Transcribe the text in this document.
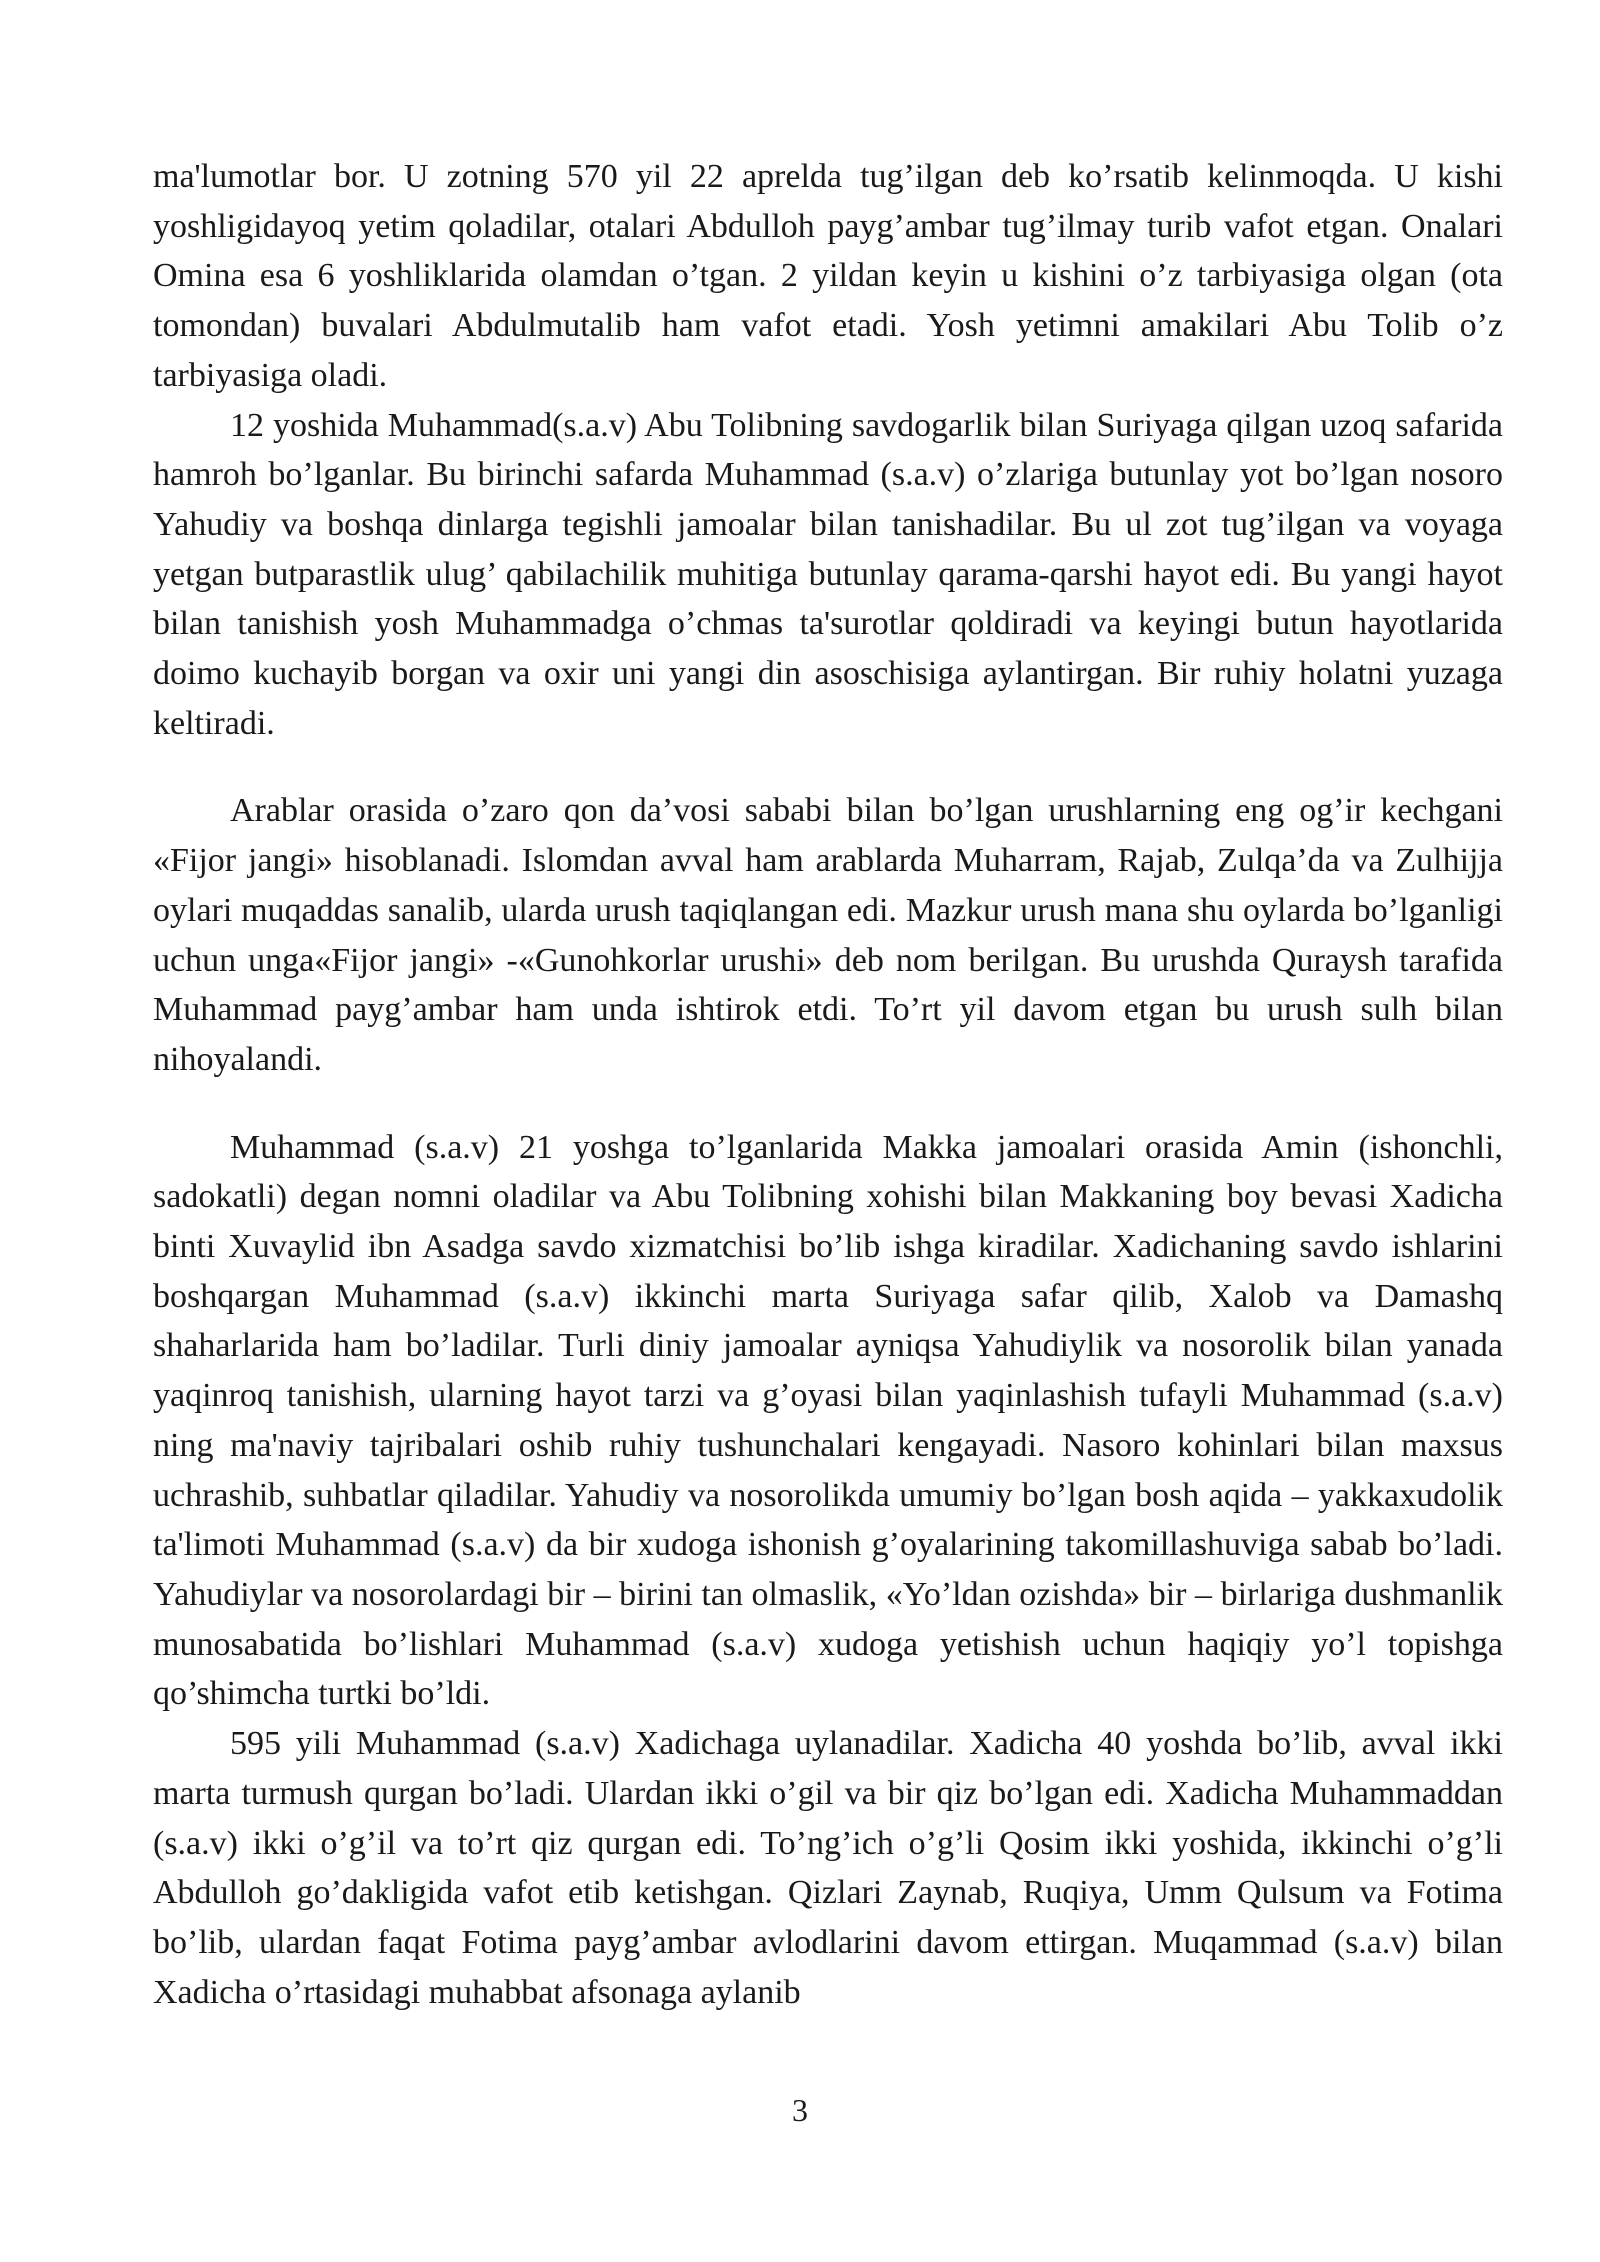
ma'lumotlar bor. U zotning 570 yil 22 aprelda tug’ilgan deb ko’rsatib kelinmoqda. U kishi yoshligidayoq yetim qoladilar, otalari Abdulloh payg’ambar tug’ilmay turib vafot etgan. Onalari Omina esa 6 yoshliklarida olamdan o’tgan. 2 yildan keyin u kishini o’z tarbiyasiga olgan (ota tomondan) buvalari Abdulmutalib ham vafot etadi. Yosh yetimni amakilari Abu Tolib o’z tarbiyasiga oladi.

12 yoshida Muhammad(s.a.v) Abu Tolibning savdogarlik bilan Suriyaga qilgan uzoq safarida hamroh bo’lganlar. Bu birinchi safarda Muhammad (s.a.v) o’zlariga butunlay yot bo’lgan nosoro Yahudiy va boshqa dinlarga tegishli jamoalar bilan tanishadilar. Bu ul zot tug’ilgan va voyaga yetgan butparastlik ulug’ qabilachilik muhitiga butunlay qarama-qarshi hayot edi. Bu yangi hayot bilan tanishish yosh Muhammadga o’chmas ta'surotlar qoldiradi va keyingi butun hayotlarida doimo kuchayib borgan va oxir uni yangi din asoschisiga aylantirgan. Bir ruhiy holatni yuzaga keltiradi.

Arablar orasida o’zaro qon da’vosi sababi bilan bo’lgan urushlarning eng og’ir kechgani «Fijor jangi» hisoblanadi. Islomdan avval ham arablarda Muharram, Rajab, Zulqa’da va Zulhijja oylari muqaddas sanalib, ularda urush taqiqlangan edi. Mazkur urush mana shu oylarda bo’lganligi uchun unga«Fijor jangi» -«Gunohkorlar urushi» deb nom berilgan. Bu urushda Quraysh tarafida Muhammad payg’ambar ham unda ishtirok etdi. To’rt yil davom etgan bu urush sulh bilan nihoyalandi.

Muhammad (s.a.v) 21 yoshga to’lganlarida Makka jamoalari orasida Amin (ishonchli, sadokatli) degan nomni oladilar va Abu Tolibning xohishi bilan Makkaning boy bevasi Xadicha binti Xuvaylid ibn Asadga savdo xizmatchisi bo’lib ishga kiradilar. Xadichaning savdo ishlarini boshqargan Muhammad (s.a.v) ikkinchi marta Suriyaga safar qilib, Xalob va Damashq shaharlarida ham bo’ladilar. Turli diniy jamoalar ayniqsa Yahudiylik va nosorolik bilan yanada yaqinroq tanishish, ularning hayot tarzi va g’oyasi bilan yaqinlashish tufayli Muhammad (s.a.v) ning ma'naviy tajribalari oshib ruhiy tushunchalari kengayadi. Nasoro kohinlari bilan maxsus uchrashib, suhbatlar qiladilar. Yahudiy va nosorolikda umumiy bo’lgan bosh aqida – yakkaxudolik ta'limoti Muhammad (s.a.v) da bir xudoga ishonish g’oyalarining takomillashuviga sabab bo’ladi. Yahudiylar va nosorolardagi bir – birini tan olmaslik, «Yo’ldan ozishda» bir – birlariga dushmanlik munosabatida bo’lishlari Muhammad (s.a.v) xudoga yetishish uchun haqiqiy yo’l topishga qo’shimcha turtki bo’ldi.

595 yili Muhammad (s.a.v) Xadichaga uylanadilar. Xadicha 40 yoshda bo’lib, avval ikki marta turmush qurgan bo’ladi. Ulardan ikki o’gil va bir qiz bo’lgan edi. Xadicha Muhammaddan (s.a.v) ikki o’g’il va to’rt qiz qurgan edi. To’ng’ich o’g’li Qosim ikki yoshida, ikkinchi o’g’li Abdulloh go’dakligida vafot etib ketishgan. Qizlari Zaynab, Ruqiya, Umm Qulsum va Fotima bo’lib, ulardan faqat Fotima payg’ambar avlodlarini davom ettirgan. Muqammad (s.a.v) bilan Xadicha o’rtasidagi muhabbat afsonaga aylanib

3
